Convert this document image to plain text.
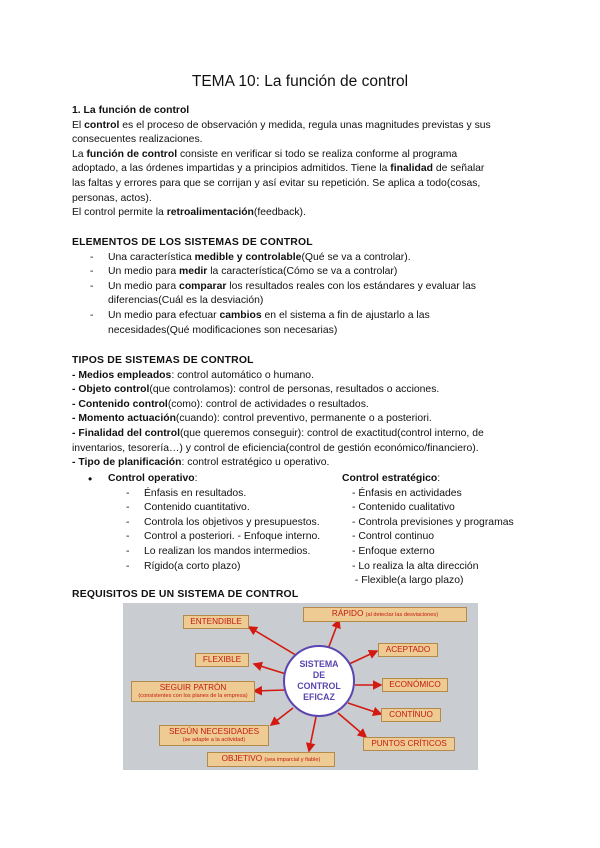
TEMA 10: La función de control
1. La función de control
El control es el proceso de observación y medida, regula unas magnitudes previstas y sus
consecuentes realizaciones.
La función de control consiste en verificar si todo se realiza conforme al programa
adoptado, a las órdenes impartidas y a principios admitidos. Tiene la finalidad de señalar
las faltas y errores para que se corrijan y así evitar su repetición. Se aplica a todo(cosas,
personas, actos).
El control permite la retroalimentación(feedback).
ELEMENTOS DE LOS SISTEMAS DE CONTROL
- Una característica medible y controlable(Qué se va a controlar).
- Un medio para medir la característica(Cómo se va a controlar)
- Un medio para comparar los resultados reales con los estándares y evaluar las
diferencias(Cuál es la desviación)
- Un medio para efectuar cambios en el sistema a fin de ajustarlo a las
necesidades(Qué modificaciones son necesarias)
TIPOS DE SISTEMAS DE CONTROL
- Medios empleados: control automático o humano.
- Objeto control(que controlamos): control de personas, resultados o acciones.
- Contenido control(como): control de actividades o resultados.
- Momento actuación(cuando): control preventivo, permanente o a posteriori.
- Finalidad del control(que queremos conseguir): control de exactitud(control interno, de
inventarios, tesorería…) y control de eficiencia(control de gestión económico/financiero).
- Tipo de planificación: control estratégico u operativo.
• Control operativo:
- Énfasis en resultados.
- Contenido cuantitativo.
- Controla los objetivos y presupuestos.
- Control a posteriori. - Enfoque interno.
- Lo realizan los mandos intermedios.
- Rígido(a corto plazo)
Control estratégico:
- Énfasis en actividades
- Contenido cualitativo
- Controla previsiones y programas
- Control continuo
- Enfoque externo
- Lo realiza la alta dirección
- Flexible(a largo plazo)
REQUISITOS DE UN SISTEMA DE CONTROL
ENTENDIBLE
RÁPIDO (al detectar las desviaciones)
FLEXIBLE
ACEPTADO
SEGUIR PATRÓN
(consistentes con los planes de la empresa)
ECONÓMICO
CONTÍNUO
SEGÚN NECESIDADES
(se adapte a la actividad)	PUNTOS CRÍTICOS
OBJETIVO (sea imparcial y fiable)
SISTEMA
DE
CONTROL
EFICAZ
